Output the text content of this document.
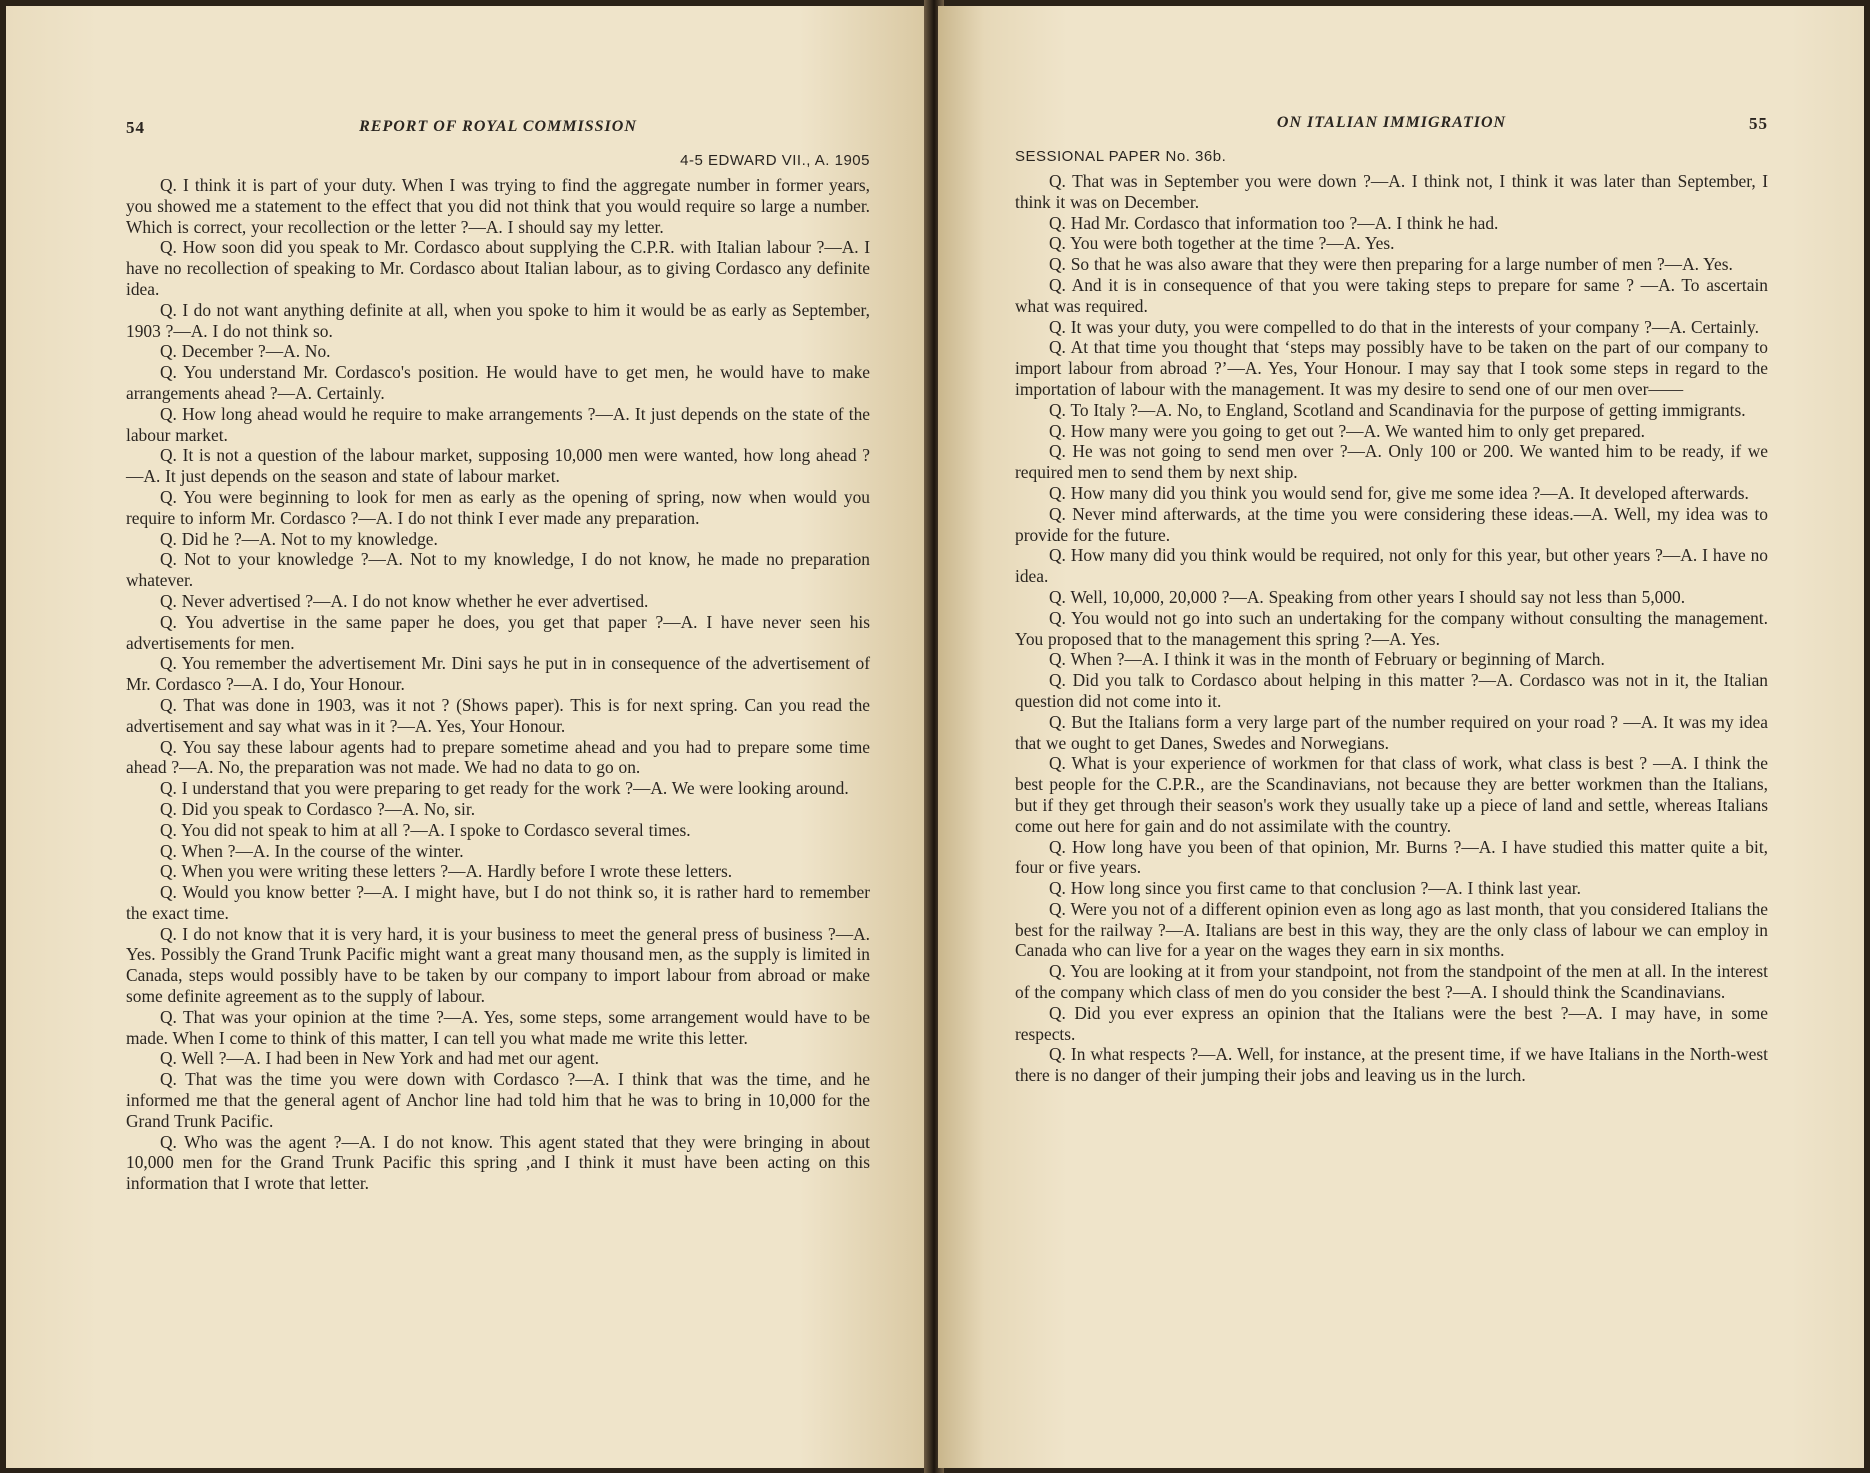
54	REPORT OF ROYAL COMMISSION
4-5 EDWARD VII., A. 1905

Q. I think it is part of your duty. When I was trying to find the aggregate number in former years, you showed me a statement to the effect that you did not think that you would require so large a number. Which is correct, your recollection or the letter ?—A. I should say my letter.

Q. How soon did you speak to Mr. Cordasco about supplying the C.P.R. with Italian labour ?—A. I have no recollection of speaking to Mr. Cordasco about Italian labour, as to giving Cordasco any definite idea.

Q. I do not want anything definite at all, when you spoke to him it would be as early as September, 1903 ?—A. I do not think so.

Q. December ?—A. No.

Q. You understand Mr. Cordasco's position. He would have to get men, he would have to make arrangements ahead ?—A. Certainly.

Q. How long ahead would he require to make arrangements ?—A. It just depends on the state of the labour market.

Q. It is not a question of the labour market, supposing 10,000 men were wanted, how long ahead ?—A. It just depends on the season and state of labour market.

Q. You were beginning to look for men as early as the opening of spring, now when would you require to inform Mr. Cordasco ?—A. I do not think I ever made any preparation.

Q. Did he ?—A. Not to my knowledge.

Q. Not to your knowledge ?—A. Not to my knowledge, I do not know, he made no preparation whatever.

Q. Never advertised ?—A. I do not know whether he ever advertised.

Q. You advertise in the same paper he does, you get that paper ?—A. I have never seen his advertisements for men.

Q. You remember the advertisement Mr. Dini says he put in in consequence of the advertisement of Mr. Cordasco ?—A. I do, Your Honour.

Q. That was done in 1903, was it not ? (Shows paper). This is for next spring. Can you read the advertisement and say what was in it ?—A. Yes, Your Honour.

Q. You say these labour agents had to prepare sometime ahead and you had to prepare some time ahead ?—A. No, the preparation was not made. We had no data to go on.

Q. I understand that you were preparing to get ready for the work ?—A. We were looking around.

Q. Did you speak to Cordasco ?—A. No, sir.

Q. You did not speak to him at all ?—A. I spoke to Cordasco several times.

Q. When ?—A. In the course of the winter.

Q. When you were writing these letters ?—A. Hardly before I wrote these letters.

Q. Would you know better ?—A. I might have, but I do not think so, it is rather hard to remember the exact time.

Q. I do not know that it is very hard, it is your business to meet the general press of business ?—A. Yes. Possibly the Grand Trunk Pacific might want a great many thousand men, as the supply is limited in Canada, steps would possibly have to be taken by our company to import labour from abroad or make some definite agreement as to the supply of labour.

Q. That was your opinion at the time ?—A. Yes, some steps, some arrangement would have to be made. When I come to think of this matter, I can tell you what made me write this letter.

Q. Well ?—A. I had been in New York and had met our agent.

Q. That was the time you were down with Cordasco ?—A. I think that was the time, and he informed me that the general agent of Anchor line had told him that he was to bring in 10,000 for the Grand Trunk Pacific.

Q. Who was the agent ?—A. I do not know. This agent stated that they were bringing in about 10,000 men for the Grand Trunk Pacific this spring ,and I think it must have been acting on this information that I wrote that letter.

ON ITALIAN IMMIGRATION	55
SESSIONAL PAPER No. 36b.

Q. That was in September you were down ?—A. I think not, I think it was later than September, I think it was on December.

Q. Had Mr. Cordasco that information too ?—A. I think he had.

Q. You were both together at the time ?—A. Yes.

Q. So that he was also aware that they were then preparing for a large number of men ?—A. Yes.

Q. And it is in consequence of that you were taking steps to prepare for same ? —A. To ascertain what was required.

Q. It was your duty, you were compelled to do that in the interests of your company ?—A. Certainly.

Q. At that time you thought that ‘steps may possibly have to be taken on the part of our company to import labour from abroad ?’—A. Yes, Your Honour. I may say that I took some steps in regard to the importation of labour with the management. It was my desire to send one of our men over——

Q. To Italy ?—A. No, to England, Scotland and Scandinavia for the purpose of getting immigrants.

Q. How many were you going to get out ?—A. We wanted him to only get prepared.

Q. He was not going to send men over ?—A. Only 100 or 200. We wanted him to be ready, if we required men to send them by next ship.

Q. How many did you think you would send for, give me some idea ?—A. It developed afterwards.

Q. Never mind afterwards, at the time you were considering these ideas.—A. Well, my idea was to provide for the future.

Q. How many did you think would be required, not only for this year, but other years ?—A. I have no idea.

Q. Well, 10,000, 20,000 ?—A. Speaking from other years I should say not less than 5,000.

Q. You would not go into such an undertaking for the company without consulting the management. You proposed that to the management this spring ?—A. Yes.

Q. When ?—A. I think it was in the month of February or beginning of March.

Q. Did you talk to Cordasco about helping in this matter ?—A. Cordasco was not in it, the Italian question did not come into it.

Q. But the Italians form a very large part of the number required on your road ? —A. It was my idea that we ought to get Danes, Swedes and Norwegians.

Q. What is your experience of workmen for that class of work, what class is best ? —A. I think the best people for the C.P.R., are the Scandinavians, not because they are better workmen than the Italians, but if they get through their season's work they usually take up a piece of land and settle, whereas Italians come out here for gain and do not assimilate with the country.

Q. How long have you been of that opinion, Mr. Burns ?—A. I have studied this matter quite a bit, four or five years.

Q. How long since you first came to that conclusion ?—A. I think last year.

Q. Were you not of a different opinion even as long ago as last month, that you considered Italians the best for the railway ?—A. Italians are best in this way, they are the only class of labour we can employ in Canada who can live for a year on the wages they earn in six months.

Q. You are looking at it from your standpoint, not from the standpoint of the men at all. In the interest of the company which class of men do you consider the best ?—A. I should think the Scandinavians.

Q. Did you ever express an opinion that the Italians were the best ?—A. I may have, in some respects.

Q. In what respects ?—A. Well, for instance, at the present time, if we have Italians in the North-west there is no danger of their jumping their jobs and leaving us in the lurch.
